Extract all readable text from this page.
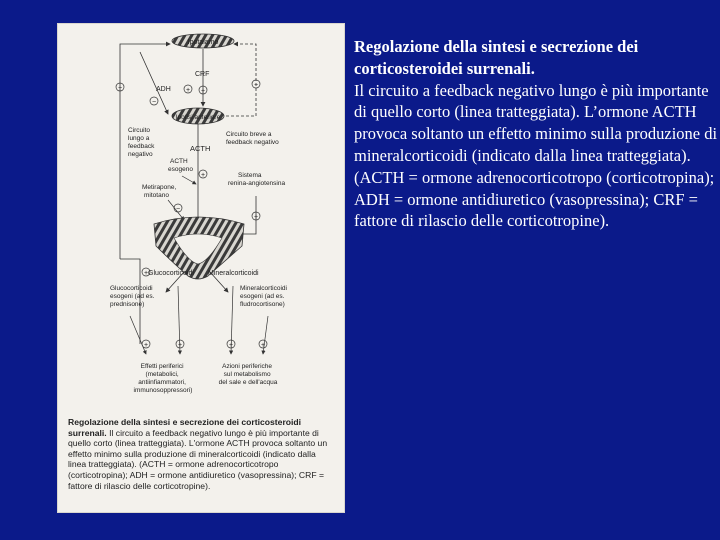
Ipotalamo
CRF
ADH + +
Ipofisi anteriore
ACTH
ACTH esogeno
+
−
−
Circuito lungo a feedback negativo
−
Circuito breve a feedback negativo
Metirapone, mitotano
−
Sistema renina-angiotensina
+
Glucocorticoidi Mineralcorticoidi
Glucocorticoidi esogeni (ad es. prednisone)
Mineralcorticoidi esogeni (ad es. fludrocortisone)
+
+	+	+	+
Effetti periferici (metabolici, antiinfiammatori, immunosoppressori)
Azioni periferiche sul metabolismo del sale e dell'acqua
Regolazione della sintesi e secrezione dei corticosteroidi surrenali. Il circuito a feedback negativo lungo è più importante di quello corto (linea tratteggiata). L'ormone ACTH provoca soltanto un effetto minimo sulla produzione di mineralcorticoidi (indicato dalla linea tratteggiata). (ACTH = ormone adrenocorticotropo (corticotropina); ADH = ormone antidiuretico (vasopressina); CRF = fattore di rilascio delle corticotropine).
Regolazione della sintesi e secrezione dei corticosteroidei surrenali.
Il circuito a feedback negativo lungo è più importante di quello corto (linea tratteggiata). L’ormone ACTH provoca soltanto un effetto minimo sulla produzione di mineralcorticoidi (indicato dalla linea tratteggiata). (ACTH = ormone adrenocorticotropo (corticotropina); ADH = ormone antidiuretico (vasopressina); CRF = fattore di rilascio delle corticotropine).
